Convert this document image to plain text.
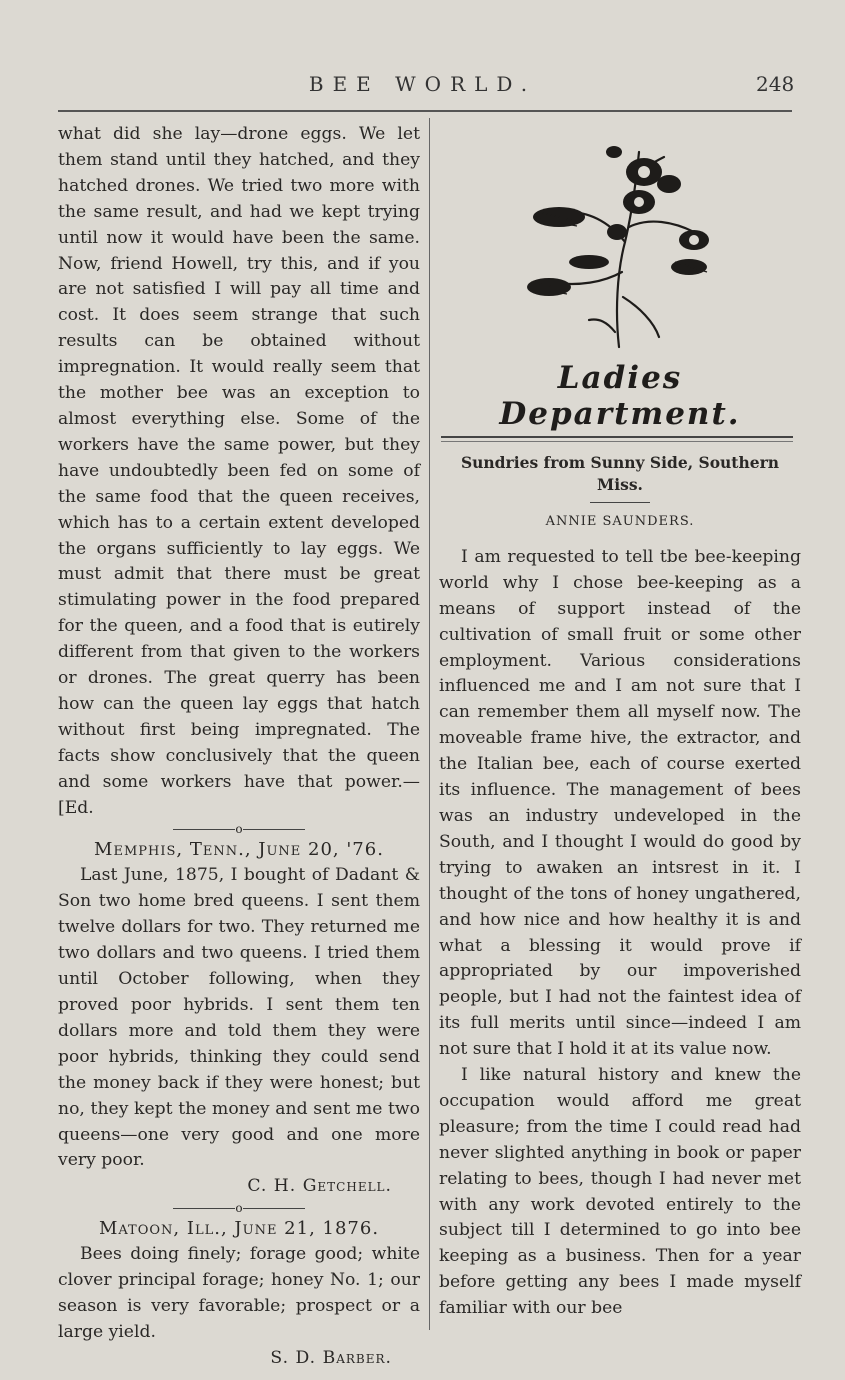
BEE WORLD.	248

what did she lay—drone eggs. We let them stand until they hatched, and they hatched drones. We tried two more with the same result, and had we kept trying until now it would have been the same. Now, friend Howell, try this, and if you are not satisfied I will pay all time and cost. It does seem strange that such results can be obtained without impregnation. It would really seem that the mother bee was an exception to almost everything else. Some of the workers have the same power, but they have undoubtedly been fed on some of the same food that the queen receives, which has to a certain extent developed the organs sufficiently to lay eggs. We must admit that there must be great stimulating power in the food prepared for the queen, and a food that is eutirely different from that given to the workers or drones. The great querry has been how can the queen lay eggs that hatch without first being impregnated. The facts show conclusively that the queen and some workers have that power.—[Ed.

o

Memphis, Tenn., June 20, '76.

Last June, 1875, I bought of Dadant & Son two home bred queens. I sent them twelve dollars for two. They returned me two dollars and two queens. I tried them until October following, when they proved poor hybrids. I sent them ten dollars more and told them they were poor hybrids, thinking they could send the money back if they were honest; but no, they kept the money and sent me two queens—one very good and one more very poor.

C. H. Getchell.

o

Matoon, Ill., June 21, 1876.

Bees doing finely; forage good; white clover principal forage; honey No. 1; our season is very favorable; prospect or a large yield.

S. D. Barber.

Ladies Department.

Sundries from Sunny Side, Southern Miss.

ANNIE SAUNDERS.

I am requested to tell tbe bee-keeping world why I chose bee-keeping as a means of support instead of the cultivation of small fruit or some other employment. Various considerations influenced me and I am not sure that I can remember them all myself now. The moveable frame hive, the extractor, and the Italian bee, each of course exerted its influence. The management of bees was an industry undeveloped in the South, and I thought I would do good by trying to awaken an intsrest in it. I thought of the tons of honey ungathered, and how nice and how healthy it is and what a blessing it would prove if appropriated by our impoverished people, but I had not the faintest idea of its full merits until since—indeed I am not sure that I hold it at its value now.

I like natural history and knew the occupation would afford me great pleasure; from the time I could read had never slighted anything in book or paper relating to bees, though I had never met with any work devoted entirely to the subject till I determined to go into bee keeping as a business. Then for a year before getting any bees I made myself familiar with our bee
